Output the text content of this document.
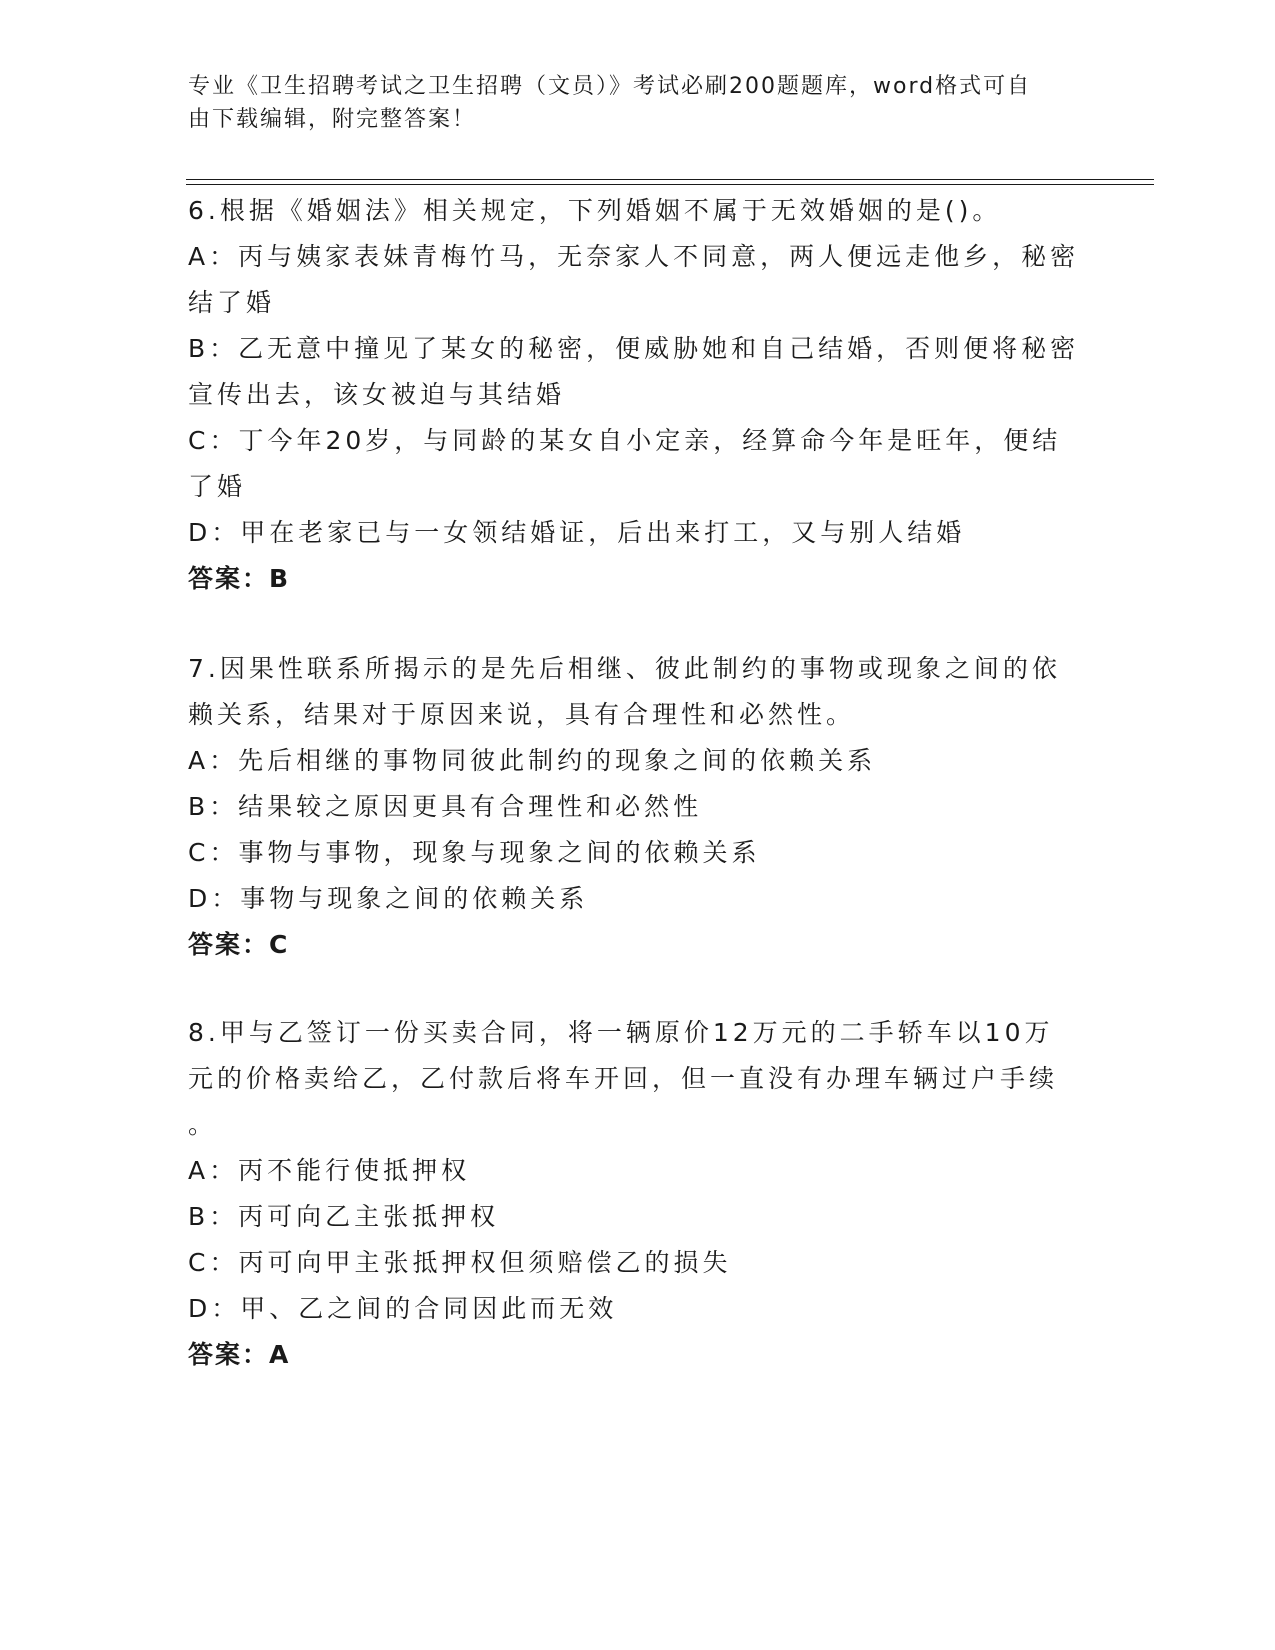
专业《卫生招聘考试之卫生招聘（文员）》考试必刷200题题库，word格式可自
由下载编辑，附完整答案！

6.根据《婚姻法》相关规定，下列婚姻不属于无效婚姻的是()。

A：丙与姨家表妹青梅竹马，无奈家人不同意，两人便远走他乡，秘密

结了婚

B：乙无意中撞见了某女的秘密，便威胁她和自己结婚，否则便将秘密

宣传出去，该女被迫与其结婚

C：丁今年20岁，与同龄的某女自小定亲，经算命今年是旺年，便结

了婚

D：甲在老家已与一女领结婚证，后出来打工，又与别人结婚

答案：B

7.因果性联系所揭示的是先后相继、彼此制约的事物或现象之间的依

赖关系，结果对于原因来说，具有合理性和必然性。

A：先后相继的事物同彼此制约的现象之间的依赖关系

B：结果较之原因更具有合理性和必然性

C：事物与事物，现象与现象之间的依赖关系

D：事物与现象之间的依赖关系

答案：C

8.甲与乙签订一份买卖合同，将一辆原价12万元的二手轿车以10万

元的价格卖给乙，乙付款后将车开回，但一直没有办理车辆过户手续

。

A：丙不能行使抵押权

B：丙可向乙主张抵押权

C：丙可向甲主张抵押权但须赔偿乙的损失

D：甲、乙之间的合同因此而无效

答案：A
